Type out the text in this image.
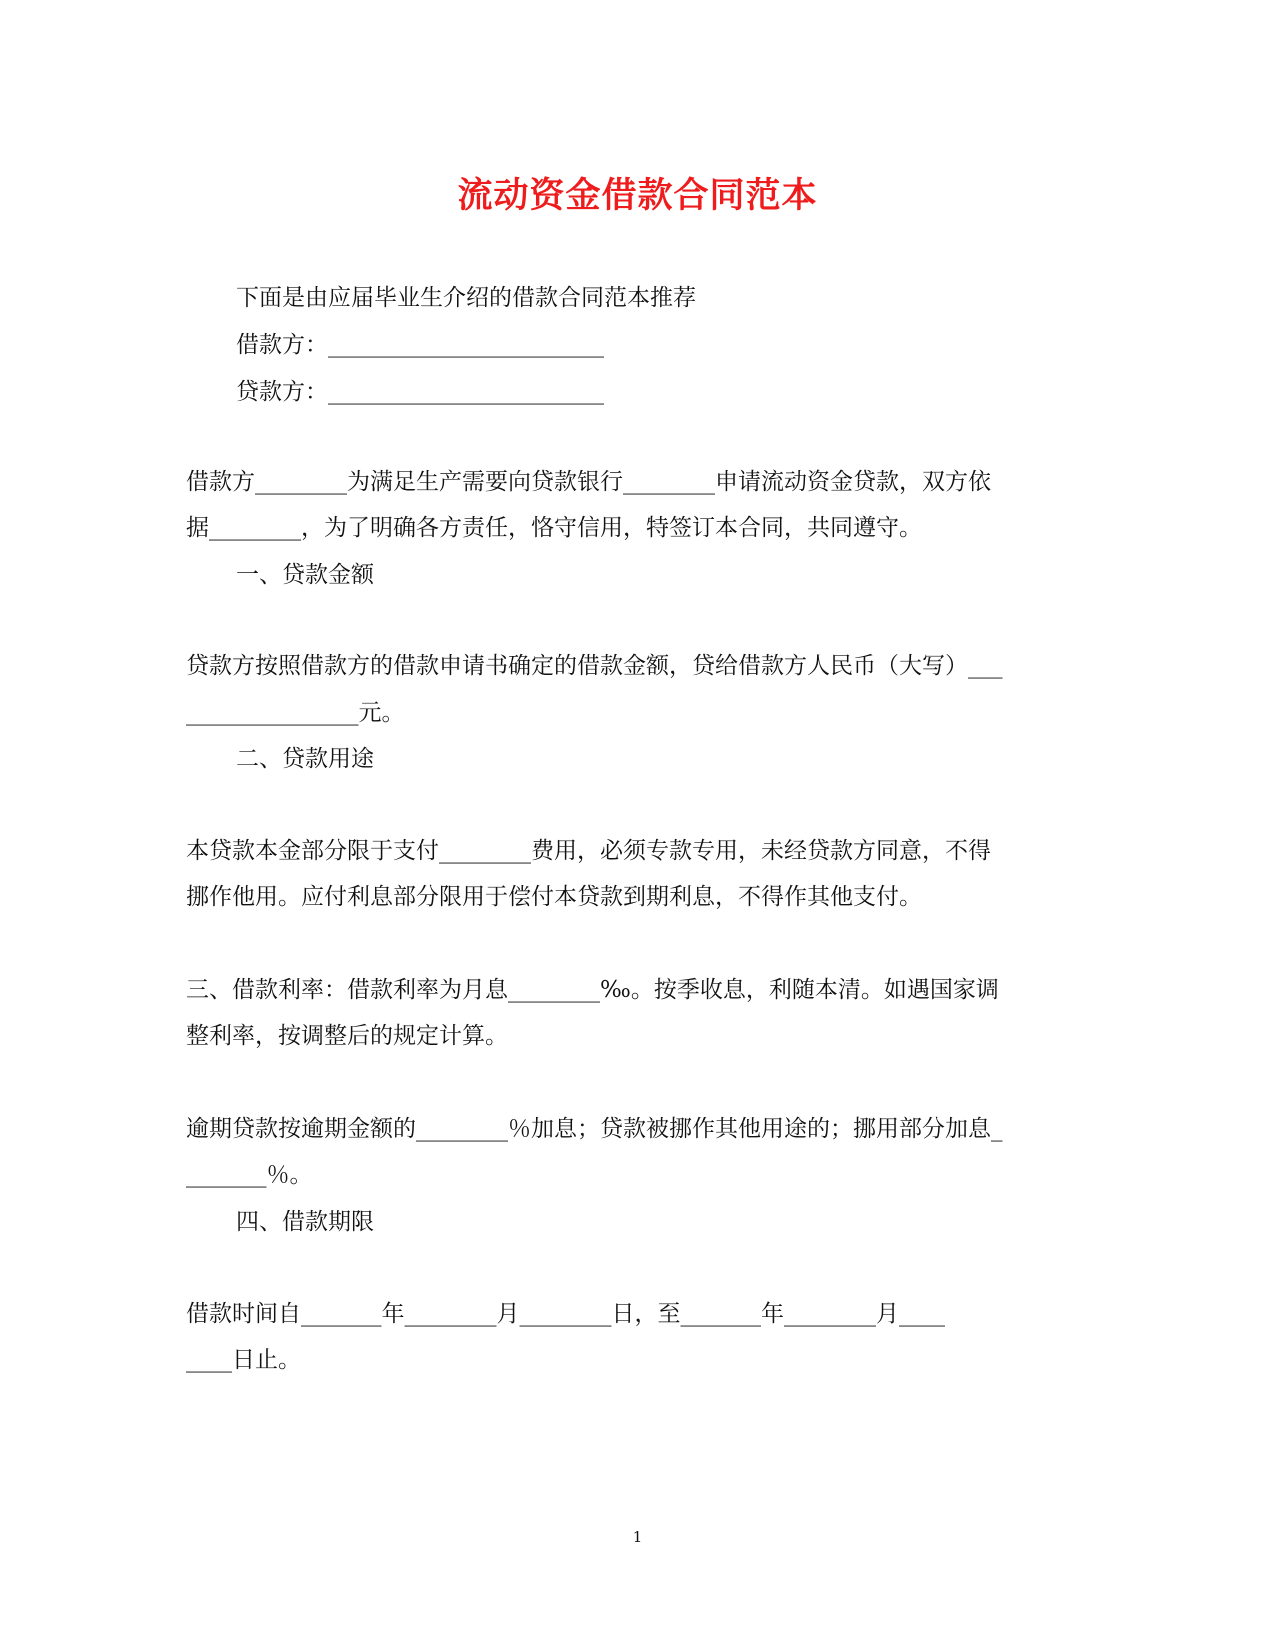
流动资金借款合同范本
下面是由应届毕业生介绍的借款合同范本推荐
借款方：________________________
贷款方：________________________
借款方________为满足生产需要向贷款银行________申请流动资金贷款，双方依
据________，为了明确各方责任，恪守信用，特签订本合同，共同遵守。
一、贷款金额
贷款方按照借款方的借款申请书确定的借款金额，贷给借款方人民币（大写）___
_______________元。
二、贷款用途
本贷款本金部分限于支付________费用，必须专款专用，未经贷款方同意，不得
挪作他用。应付利息部分限用于偿付本贷款到期利息，不得作其他支付。
三、借款利率：借款利率为月息________‰。按季收息，利随本清。如遇国家调
整利率，按调整后的规定计算。
逾期贷款按逾期金额的________％加息；贷款被挪作其他用途的；挪用部分加息_
_______％。
四、借款期限
借款时间自_______年________月________日，至_______年________月____
____日止。
1
